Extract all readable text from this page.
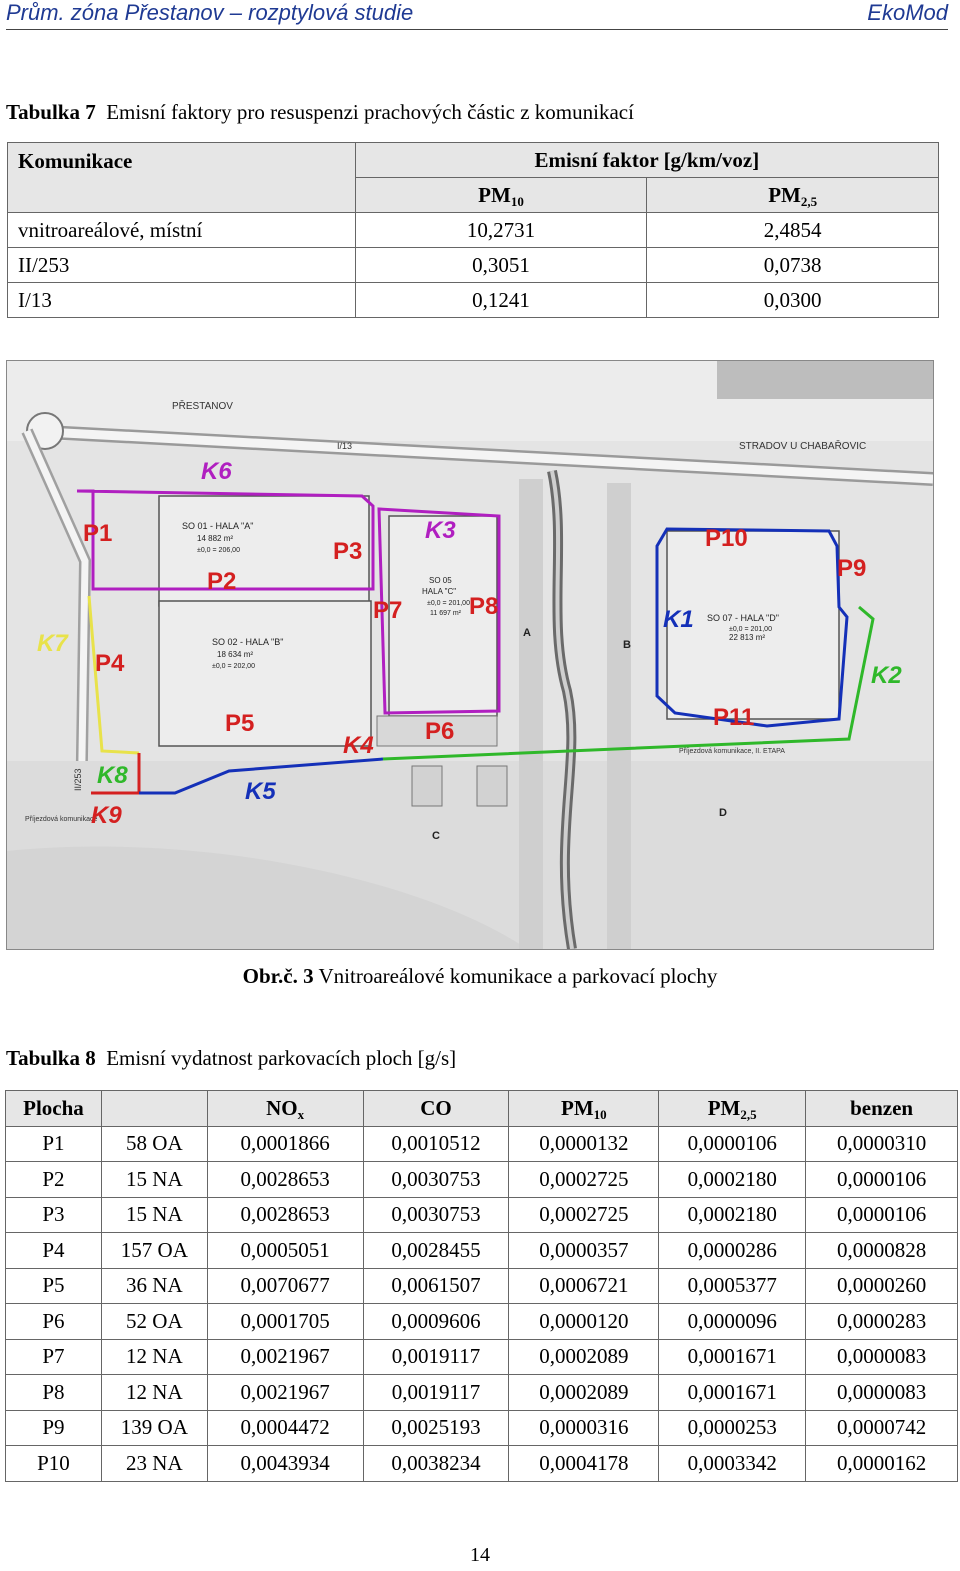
Prům. zóna Přestanov – rozptylová studie	EkoMod
Tabulka 7 Emisní faktory pro resuspenzi prachových částic z komunikací
Komunikace	Emisní faktor [g/km/voz]	
	$PM_{10}$	$PM_{2,5}$
vnitroareálové, místní	10,2731	2,4854
II/253	0,3051	0,0738
I/13	0,1241	0,0300
SO 01 - HALA "A"
14 882 m²
±0,0 = 206,00
SO 02 - HALA "B"
18 634 m²
±0,0 = 202,00
SO 05
HALA "C"
±0,0 = 201,00
11 697 m²	SO 07 - HALA "D"
±0,0 = 201,00
22 813 m²
PŘESTANOV
STRADOV U CHABAŘOVIC
I/13
II/253
Příjezdová komunikace, II. ETAPA
Příjezdová komunikace
A
B
C
D
K6
P1
P2
P3
K3
P7	P8
K7
P4
P5
K4
P6
K8
K5
K9
P10
P9
K1
K2
P11
Obr.č. 3 Vnitroareálové komunikace a parkovací plochy
Tabulka 8 Emisní vydatnost parkovacích ploch [g/s]
Plocha		$NO_x$	CO	$PM_{10}$	$PM_{2,5}$	benzen
P1	58 OA	0,0001866	0,0010512	0,0000132	0,0000106	0,0000310
P2	15 NA	0,0028653	0,0030753	0,0002725	0,0002180	0,0000106
P3	15 NA	0,0028653	0,0030753	0,0002725	0,0002180	0,0000106
P4	157 OA	0,0005051	0,0028455	0,0000357	0,0000286	0,0000828
P5	36 NA	0,0070677	0,0061507	0,0006721	0,0005377	0,0000260
P6	52 OA	0,0001705	0,0009606	0,0000120	0,0000096	0,0000283
P7	12 NA	0,0021967	0,0019117	0,0002089	0,0001671	0,0000083
P8	12 NA	0,0021967	0,0019117	0,0002089	0,0001671	0,0000083
P9	139 OA	0,0004472	0,0025193	0,0000316	0,0000253	0,0000742
P10	23 NA	0,0043934	0,0038234	0,0004178	0,0003342	0,0000162
14
